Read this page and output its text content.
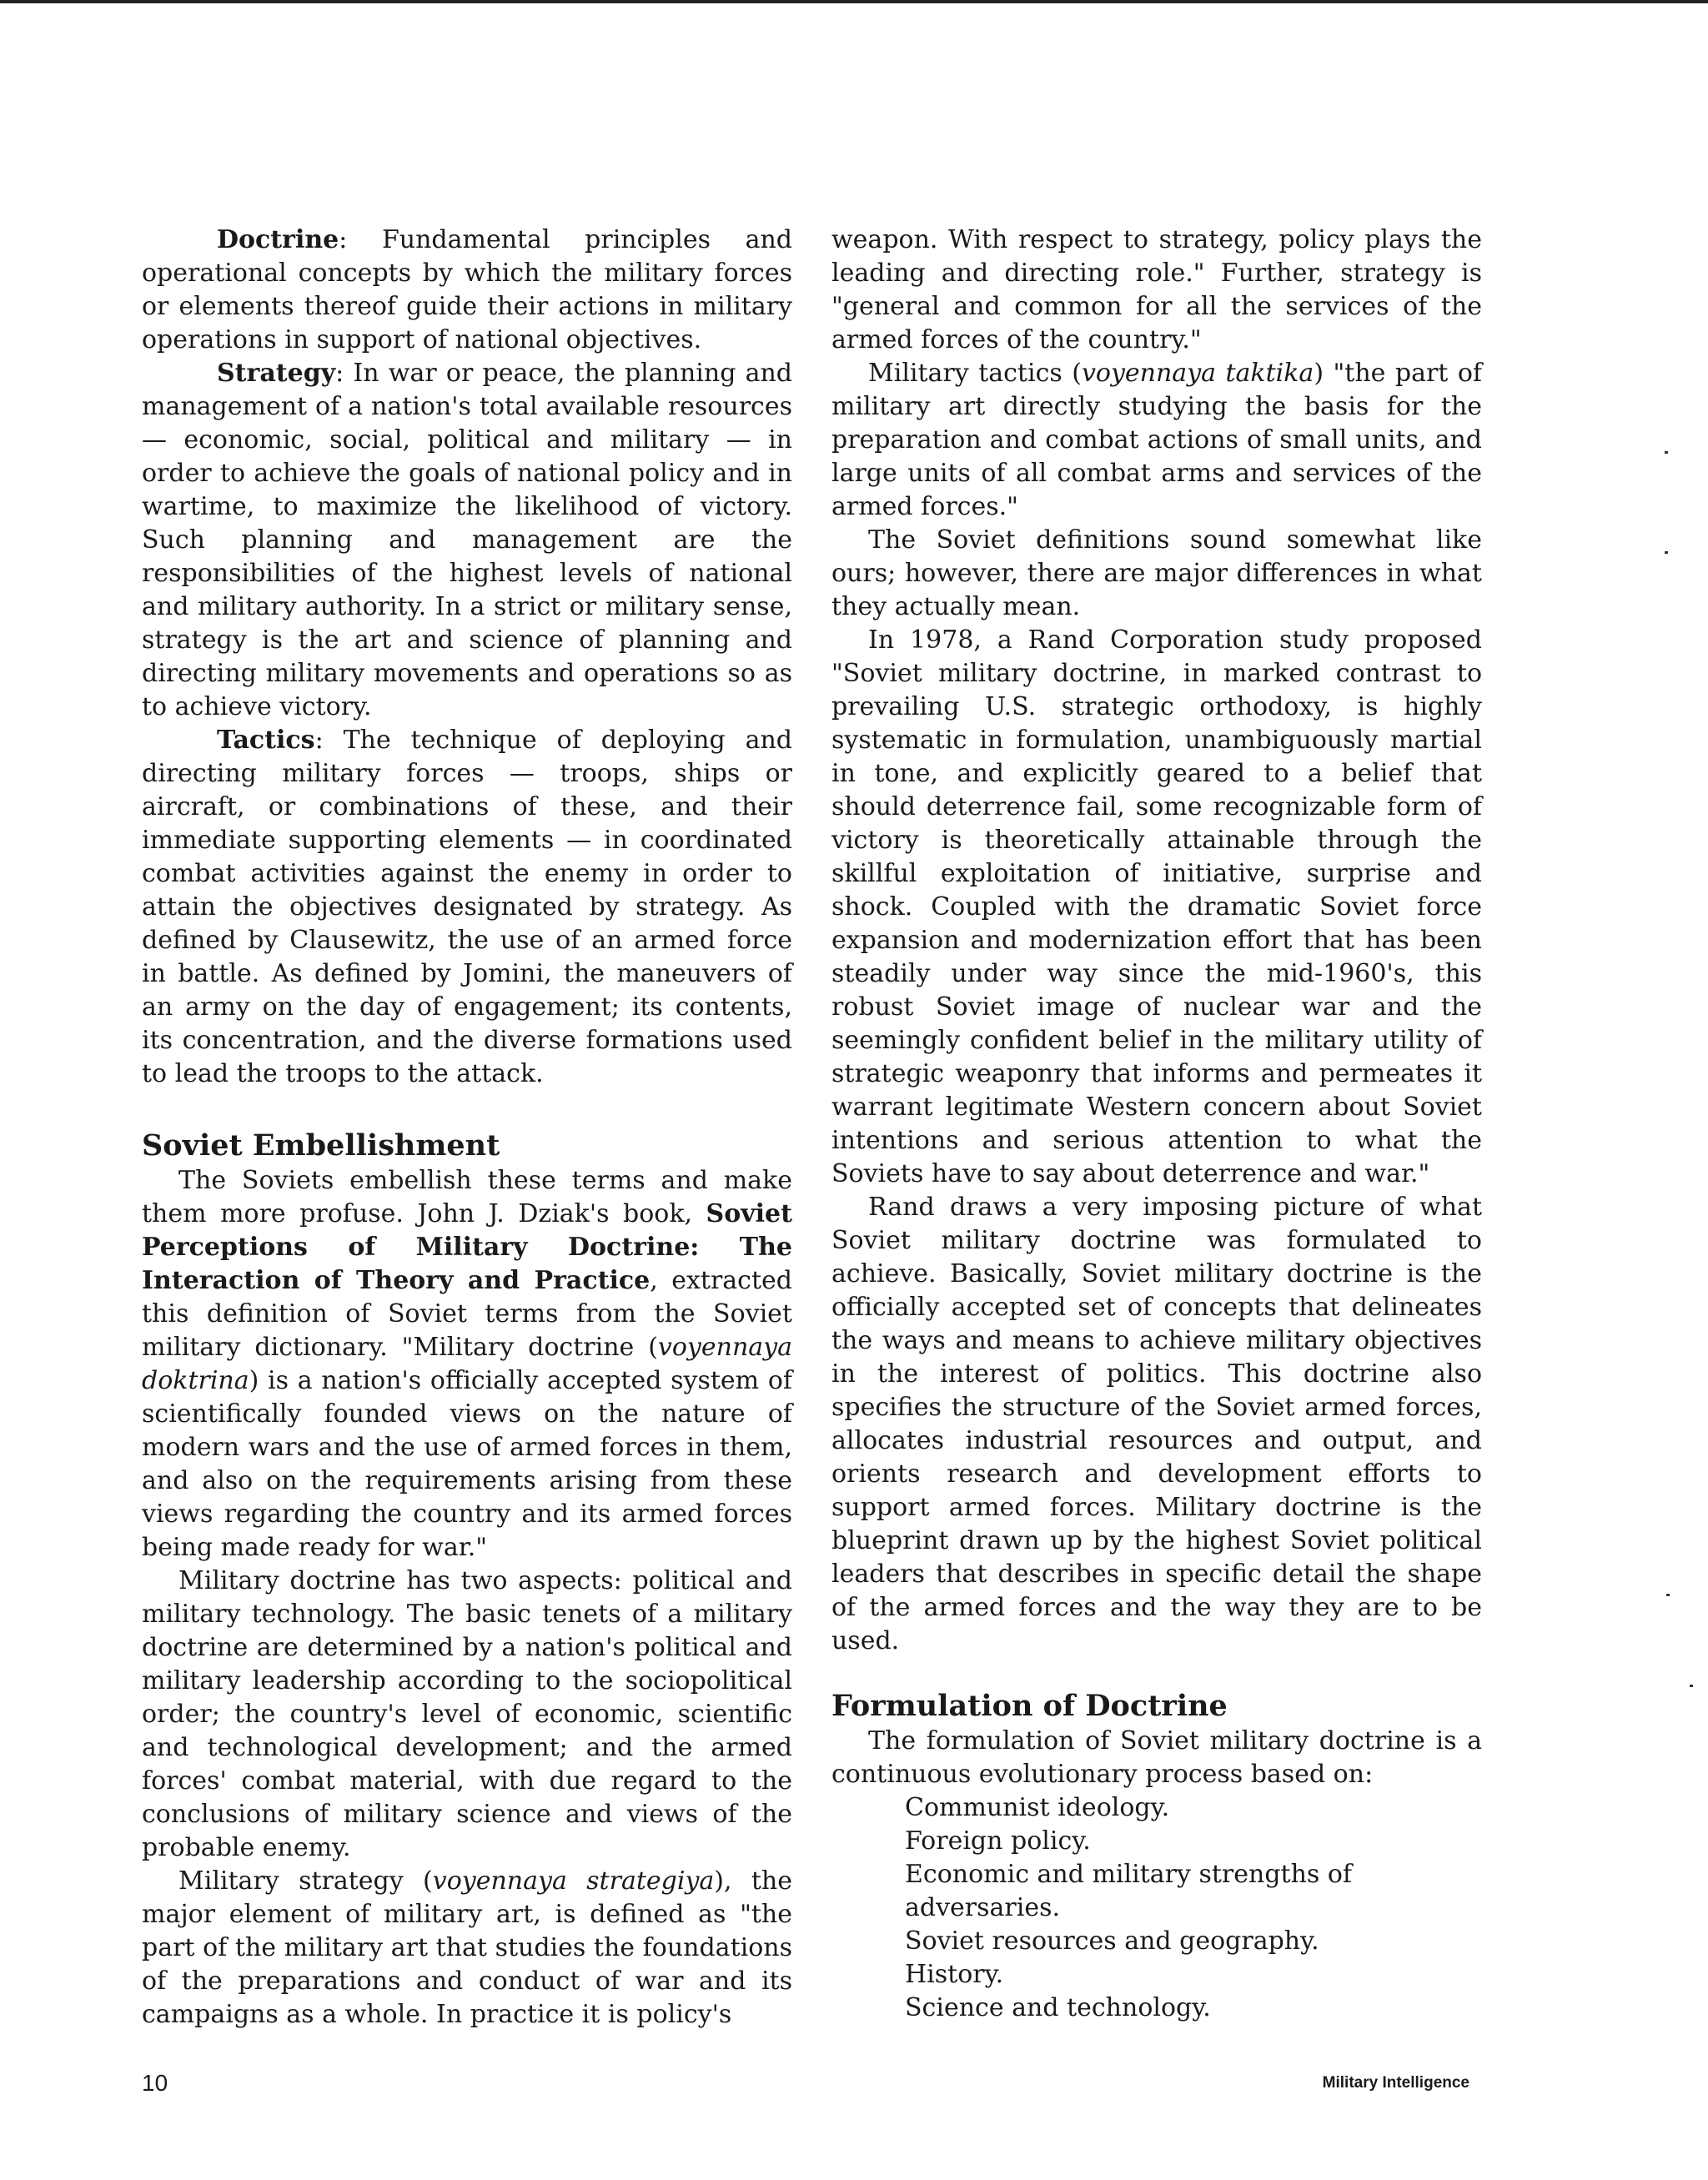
Doctrine: Fundamental principles and operational concepts by which the military forces or elements thereof guide their actions in military operations in support of national objectives.

Strategy: In war or peace, the planning and management of a nation's total available resources — economic, social, political and military — in order to achieve the goals of national policy and in wartime, to maximize the likelihood of victory. Such planning and management are the responsibilities of the highest levels of national and military authority. In a strict or military sense, strategy is the art and science of planning and directing military movements and operations so as to achieve victory.

Tactics: The technique of deploying and directing military forces — troops, ships or aircraft, or combinations of these, and their immediate supporting elements — in coordinated combat activities against the enemy in order to attain the objectives designated by strategy. As defined by Clausewitz, the use of an armed force in battle. As defined by Jomini, the maneuvers of an army on the day of engagement; its contents, its concentration, and the diverse formations used to lead the troops to the attack.

Soviet Embellishment

The Soviets embellish these terms and make them more profuse. John J. Dziak's book, Soviet Perceptions of Military Doctrine: The Interaction of Theory and Practice, extracted this definition of Soviet terms from the Soviet military dictionary. "Military doctrine (voyennaya doktrina) is a nation's officially accepted system of scientifically founded views on the nature of modern wars and the use of armed forces in them, and also on the requirements arising from these views regarding the country and its armed forces being made ready for war."

Military doctrine has two aspects: political and military technology. The basic tenets of a military doctrine are determined by a nation's political and military leadership according to the sociopolitical order; the country's level of economic, scientific and technological development; and the armed forces' combat material, with due regard to the conclusions of military science and views of the probable enemy.

Military strategy (voyennaya strategiya), the major element of military art, is defined as "the part of the military art that studies the foundations of the preparations and conduct of war and its campaigns as a whole. In practice it is policy's

weapon. With respect to strategy, policy plays the leading and directing role." Further, strategy is "general and common for all the services of the armed forces of the country."

Military tactics (voyennaya taktika) "the part of military art directly studying the basis for the preparation and combat actions of small units, and large units of all combat arms and services of the armed forces."

The Soviet definitions sound somewhat like ours; however, there are major differences in what they actually mean.

In 1978, a Rand Corporation study proposed "Soviet military doctrine, in marked contrast to prevailing U.S. strategic orthodoxy, is highly systematic in formulation, unambiguously martial in tone, and explicitly geared to a belief that should deterrence fail, some recognizable form of victory is theoretically attainable through the skillful exploitation of initiative, surprise and shock. Coupled with the dramatic Soviet force expansion and modernization effort that has been steadily under way since the mid-1960's, this robust Soviet image of nuclear war and the seemingly confident belief in the military utility of strategic weaponry that informs and permeates it warrant legitimate Western concern about Soviet intentions and serious attention to what the Soviets have to say about deterrence and war."

Rand draws a very imposing picture of what Soviet military doctrine was formulated to achieve. Basically, Soviet military doctrine is the officially accepted set of concepts that delineates the ways and means to achieve military objectives in the interest of politics. This doctrine also specifies the structure of the Soviet armed forces, allocates industrial resources and output, and orients research and development efforts to support armed forces. Military doctrine is the blueprint drawn up by the highest Soviet political leaders that describes in specific detail the shape of the armed forces and the way they are to be used.

Formulation of Doctrine

The formulation of Soviet military doctrine is a continuous evolutionary process based on:

Communist ideology.
Foreign policy.
Economic and military strengths of adversaries.
Soviet resources and geography.
History.
Science and technology.
10	Military Intelligence
